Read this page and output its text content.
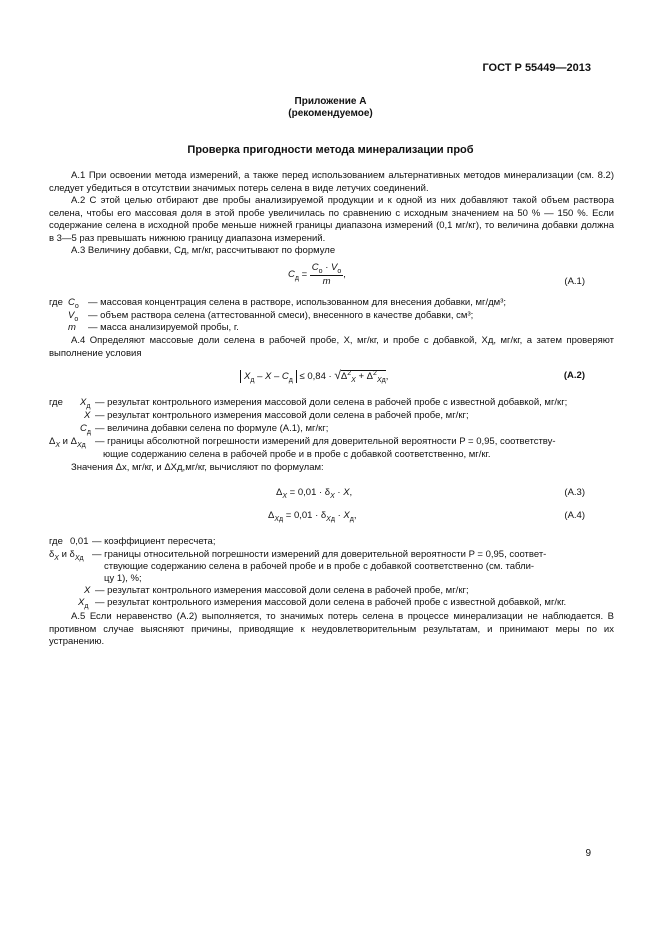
ГОСТ Р 55449—2013
Приложение А
(рекомендуемое)
Проверка пригодности метода минерализации проб

А.1 При освоении метода измерений, а также перед использованием альтернативных методов минерализации (см. 8.2) следует убедиться в отсутствии значимых потерь селена в виде летучих соединений.

А.2 С этой целью отбирают две пробы анализируемой продукции и к одной из них добавляют такой объем раствора селена, чтобы его массовая доля в этой пробе увеличилась по сравнению с исходным значением на 50 % — 150 %. Если содержание селена в исходной пробе меньше нижней границы диапазона измерений (0,1 мг/кг), то величина добавки должна в 3—5 раз превышать нижнюю границу диапазона измерений.

А.3 Величину добавки, Cд, мг/кг, рассчитывают по формуле

$C_д = \frac{C_o \cdot V_o}{m}$ ,
(А.1)
где $C_o$ — массовая концентрация селена в растворе, использованном для внесения добавки, мг/дм³;
$V_o$ — объем раствора селена (аттестованной смеси), внесенного в качестве добавки, см³;
m — масса анализируемой пробы, г.

А.4 Определяют массовые доли селена в рабочей пробе, X, мг/кг, и пробе с добавкой, Xд, мг/кг, а затем проверяют выполнение условия

$X_д - X - C_д \le 0,84 \cdot √\Delta^2_X + \Delta^2_{Xд}$,	(А.2)
где $X_д$ — результат контрольного измерения массовой доли селена в рабочей пробе с известной добавкой, мг/кг;
X — результат контрольного измерения массовой доли селена в рабочей пробе, мг/кг;
$C_д$ — величина добавки селена по формуле (А.1), мг/кг;
$\Delta_X$ и $\Delta_{Xд}$ — границы абсолютной погрешности измерений для доверительной вероятности P = 0,95, соответству-
ющие содержанию селена в рабочей пробе и в пробе с добавкой соответственно, мг/кг.

Значения Δx, мг/кг, и ΔXд,мг/кг, вычисляют по формулам:

$\Delta_X = 0,01 \cdot \delta_X \cdot X$,	(А.3)
$\Delta_{Xд} = 0,01 \cdot \delta_{Xд} \cdot X_д$,	(А.4)
где 0,01 — коэффициент пересчета;
$\delta_X$ и $\delta_{Xд}$ — границы относительной погрешности измерений для доверительной вероятности P = 0,95, соответ-
ствующие содержанию селена в рабочей пробе и в пробе с добавкой соответственно (см. табли-
цу 1), %;
X — результат контрольного измерения массовой доли селена в рабочей пробе, мг/кг;
$X_д$ — результат контрольного измерения массовой доли селена в рабочей пробе с известной добавкой, мг/кг.

А.5 Если неравенство (А.2) выполняется, то значимых потерь селена в процессе минерализации не наблюдается. В противном случае выясняют причины, приводящие к неудовлетворительным результатам, и принимают меры по их устранению.

9
